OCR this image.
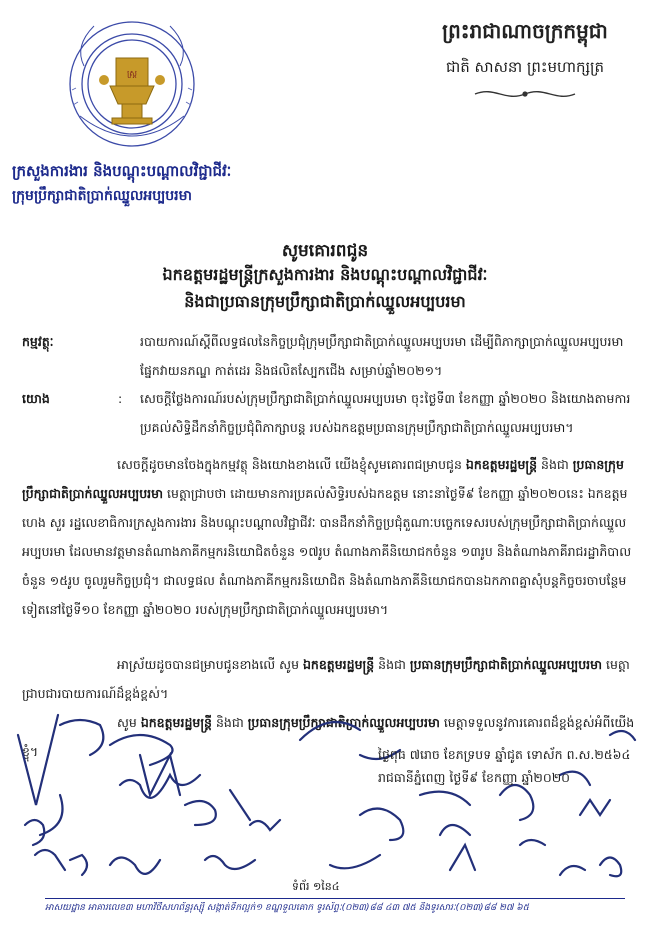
ស្រ្ត
ព្រះរាជាណាចក្រកម្ពុជា
ជាតិ សាសនា ព្រះមហាក្សត្រ
ក្រសួងការងារ និងបណ្តុះបណ្តាលវិជ្ជាជីវៈ
ក្រុមប្រឹក្សាជាតិប្រាក់ឈ្នួលអប្បបរមា
សូមគោរពជូន
ឯកឧត្តមរដ្ឋមន្ត្រីក្រសួងការងារ និងបណ្តុះបណ្តាលវិជ្ជាជីវៈ
និងជាប្រធានក្រុមប្រឹក្សាជាតិប្រាក់ឈ្នួលអប្បបរមា
កម្មវត្ថុៈ	របាយការណ៍ស្តីពីលទ្ធផលនៃកិច្ចប្រជុំក្រុមប្រឹក្សាជាតិប្រាក់ឈ្នួលអប្បបរមា ដើម្បីពិភាក្សាប្រាក់ឈ្នួលអប្បបរមាផ្នែកវាយនភណ្ឌ កាត់ដេរ និងផលិតស្បែកជើង សម្រាប់ឆ្នាំ២០២១។
យោង	: សេចក្តីថ្លែងការណ៍របស់ក្រុមប្រឹក្សាជាតិប្រាក់ឈ្នួលអប្បបរមា ចុះថ្ងៃទី៣ ខែកញ្ញា ឆ្នាំ២០២០ និងយោងតាមការប្រគល់សិទ្ធិដឹកនាំកិច្ចប្រជុំពិភាក្សាបន្ត របស់ឯកឧត្តមប្រធានក្រុមប្រឹក្សាជាតិប្រាក់ឈ្នួលអប្បបរមា។
សេចក្តីដូចមានចែងក្នុងកម្មវត្ថុ និងយោងខាងលើ យើងខ្ញុំសូមគោរពជម្រាបជូន ឯកឧត្តមរដ្ឋមន្ត្រី និងជា ប្រធានក្រុមប្រឹក្សាជាតិប្រាក់ឈ្នួលអប្បបរមា មេត្តាជ្រាបថា ដោយមានការប្រគល់សិទ្ធិរបស់ឯកឧត្តម នោះនាថ្ងៃទី៩ ខែកញ្ញា ឆ្នាំ២០២០នេះ ឯកឧត្តម ហេង សួរ រដ្ឋលេខាធិការក្រសួងការងារ និងបណ្តុះបណ្តាលវិជ្ជាជីវៈ បានដឹកនាំកិច្ចប្រជុំតួណាៈបច្ចេកទេសរបស់ក្រុមប្រឹក្សាជាតិប្រាក់ឈ្នួលអប្បបរមា ដែលមានវត្តមានតំណាងភាគីកម្មករនិយោជិតចំនួន ១៧រូប តំណាងភាគីនិយោជកចំនួន ១៣រូប និងតំណាងភាគីរាជរដ្ឋាភិបាលចំនួន ១៥រូប ចូលរួមកិច្ចប្រជុំ។ ជាលទ្ធផល តំណាងភាគីកម្មករនិយោជិត និងតំណាងភាគីនិយោជកបានឯកភាពគ្នាសុំបន្តកិច្ចចរចាបន្ថែមទៀតនៅថ្ងៃទី១០ ខែកញ្ញា ឆ្នាំ២០២០ របស់ក្រុមប្រឹក្សាជាតិប្រាក់ឈ្នួលអប្បបរមា។
អាស្រ័យដូចបានជម្រាបជូនខាងលើ សូម ឯកឧត្តមរដ្ឋមន្ត្រី និងជា ប្រធានក្រុមប្រឹក្សាជាតិប្រាក់ឈ្នួលអប្បបរមា មេត្តាជ្រាបជារបាយការណ៍ដ៏ខ្ពង់ខ្ពស់។
សូម ឯកឧត្តមរដ្ឋមន្ត្រី និងជា ប្រធានក្រុមប្រឹក្សាជាតិប្រាក់ឈ្នួលអប្បបរមា មេត្តាទទួលនូវការគោរពដ៏ខ្ពង់ខ្ពស់អំពីយើងខ្ញុំ។	ថ្ងៃពុធ ៧រោច ខែភទ្របទ ឆ្នាំជូត ទោស័ក ព.ស.២៥៦៤
រាជធានីភ្នំពេញ ថ្ងៃទី៩ ខែកញ្ញា ឆ្នាំ២០២០
ទំព័រ ១នៃ៤
អាសយដ្ឋាន អាគារលេខ៣ មហាវិថីសហព័ន្ធរុស្ស៊ី សង្កាត់ទឹកល្អក់១ ខណ្ឌទួលគោក ទូរស័ព្ទៈ(០២៣)៨៨ ៤៣ ៧៥ និងទូរសារៈ(០២៣)៨៨ ២៧ ៦៥
